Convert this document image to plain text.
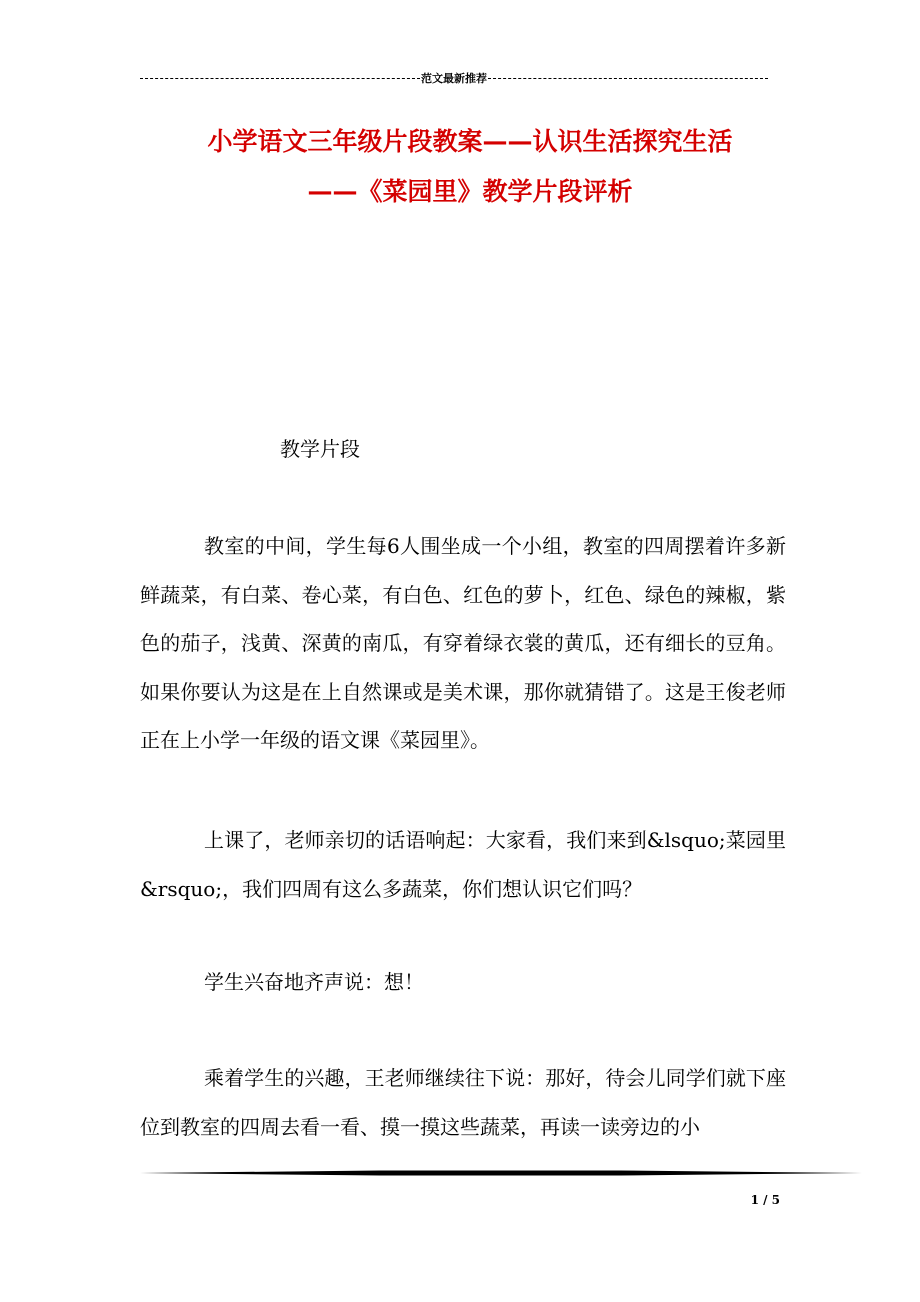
范文最新推荐
小学语文三年级片段教案——认识生活探究生活
——《菜园里》教学片段评析
教学片段

教室的中间，学生每6人围坐成一个小组，教室的四周摆着许多新鲜蔬菜，有白菜、卷心菜，有白色、红色的萝卜，红色、绿色的辣椒，紫色的茄子，浅黄、深黄的南瓜，有穿着绿衣裳的黄瓜，还有细长的豆角。如果你要认为这是在上自然课或是美术课，那你就猜错了。这是王俊老师正在上小学一年级的语文课《菜园里》。

上课了，老师亲切的话语响起：大家看，我们来到&lsquo;菜园里&rsquo;，我们四周有这么多蔬菜，你们想认识它们吗？

学生兴奋地齐声说：想！

乘着学生的兴趣，王老师继续往下说：那好，待会儿同学们就下座位到教室的四周去看一看、摸一摸这些蔬菜，再读一读旁边的小

1 / 5
